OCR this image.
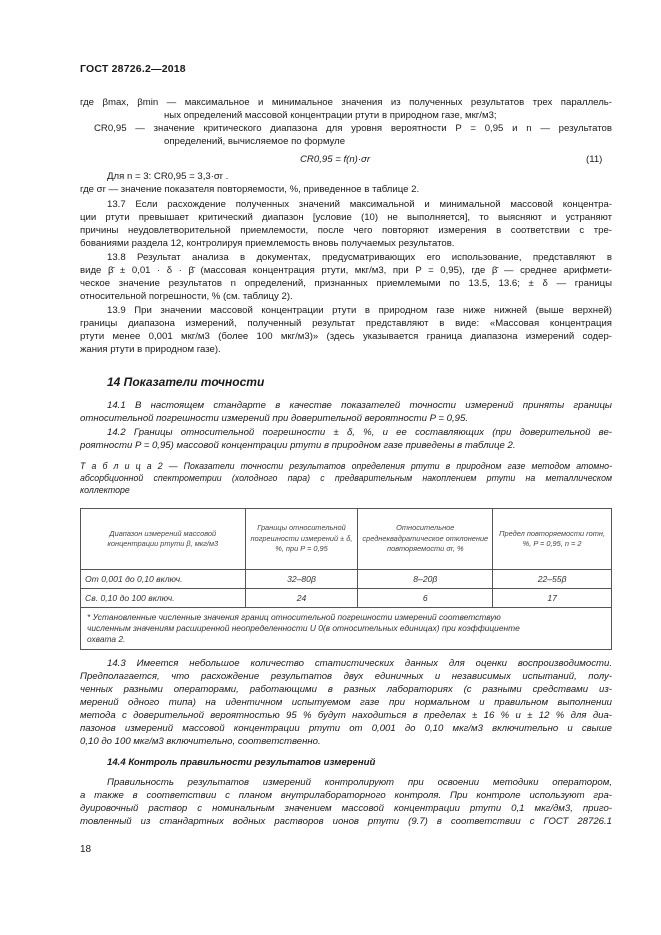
ГОСТ 28726.2—2018
где βmax, βmin — максимальное и минимальное значения из полученных результатов трех параллель-
ных определений массовой концентрации ртути в природном газе, мкг/м3;
CR0,95 — значение критического диапазона для уровня вероятности P = 0,95 и n — результатов
определений, вычисляемое по формуле
CR0,95 = f(n)·σr	(11)
Для n = 3: CR0,95 = 3,3·σr .
где σr — значение показателя повторяемости, %, приведенное в таблице 2.
13.7 Если расхождение полученных значений максимальной и минимальной массовой концентра-
ции ртути превышает критический диапазон [условие (10) не выполняется], то выясняют и устраняют
причины неудовлетворительной приемлемости, после чего повторяют измерения в соответствии с тре-
бованиями раздела 12, контролируя приемлемость вновь получаемых результатов.
13.8 Результат анализа в документах, предусматривающих его использование, представляют в
виде β̄ ± 0,01 · δ · β̄ (массовая концентрация ртути, мкг/м3, при P = 0,95), где β̄ — среднее арифмети-
ческое значение результатов n определений, признанных приемлемыми по 13.5, 13.6; ± δ — границы
относительной погрешности, % (см. таблицу 2).
13.9 При значении массовой концентрации ртути в природном газе ниже нижней (выше верхней)
границы диапазона измерений, полученный результат представляют в виде: «Массовая концентрация
ртути менее 0,001 мкг/м3 (более 100 мкг/м3)» (здесь указывается граница диапазона измерений содер-
жания ртути в природном газе).
14 Показатели точности
14.1 В настоящем стандарте в качестве показателей точности измерений приняты границы
относительной погрешности измерений при доверительной вероятности P = 0,95.
14.2 Границы относительной погрешности ± δ, %, и ее составляющих (при доверительной ве-
роятности P = 0,95) массовой концентрации ртути в природном газе приведены в таблице 2.
Т а б л и ц а 2 — Показатели точности результатов определения ртути в природном газе методом атомно-
абсорбционной спектрометрии (холодного пара) с предварительным накоплением ртути на металлическом
коллекторе
Диапазон измерений массовой концентрации ртути β, мкг/м3	Границы относительной погрешности измерений ± δ, %, при P = 0,95	Относительное среднеквадратическое отклонение повторяемости σr, %	Предел повторяемости rотн, %, P = 0,95, n = 2
От 0,001 до 0,10 включ.	32–80β	8–20β	22–55β
Св. 0,10 до 100 включ.	24	6	17

* Установленные численные значения границ относительной погрешности измерений соответствую
численным значениям расширенной неопределенности U 0(в относительных единицах) при коэффициенте
охвата 2.			
14.3 Имеется небольшое количество статистических данных для оценки воспроизводимости.
Предполагается, что расхождение результатов двух единичных и независимых испытаний, полу-
ченных разными операторами, работающими в разных лабораториях (с разными средствами из-
мерений одного типа) на идентичном испытуемом газе при нормальном и правильном выполнении
метода с доверительной вероятностью 95 % будут находиться в пределах ± 16 % и ± 12 % для диа-
пазонов измерений массовой концентрации ртути от 0,001 до 0,10 мкг/м3 включительно и свыше
0,10 до 100 мкг/м3 включительно, соответственно.
14.4 Контроль правильности результатов измерений
Правильность результатов измерений контролируют при освоении методики оператором,
а также в соответствии с планом внутрилабораторного контроля. При контроле используют гра-
дуировочный раствор с номинальным значением массовой концентрации ртути 0,1 мкг/дм3, приго-
товленный из стандартных водных растворов ионов ртути (9.7) в соответствии с ГОСТ 28726.1
18
